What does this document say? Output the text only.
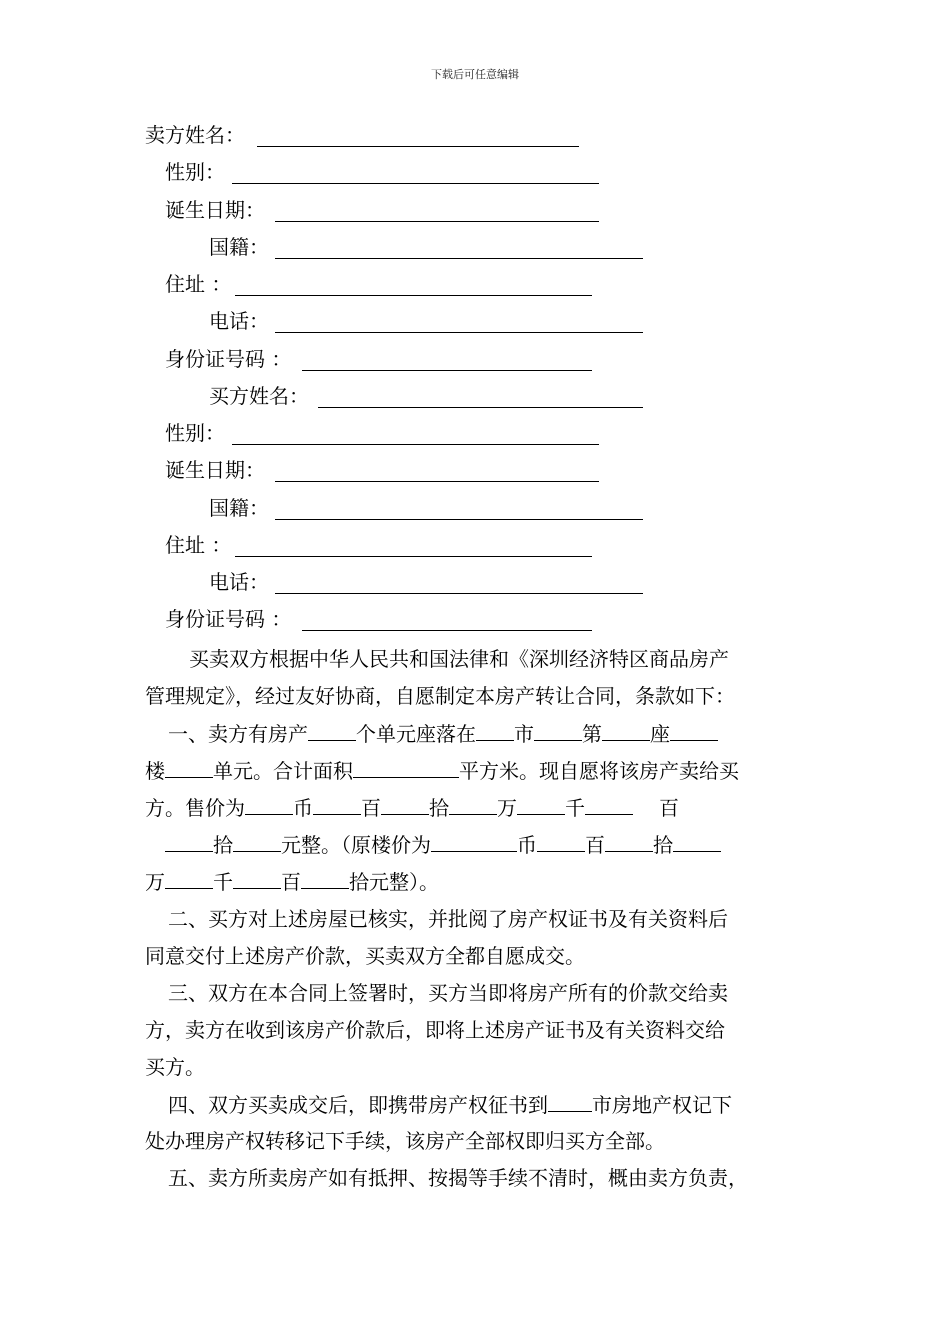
下载后可任意编辑
卖方姓名：
性别：
诞生日期：
国籍：
住址 ：
电话：
身份证号码 ：
买方姓名：
性别：
诞生日期：
国籍：
住址 ：
电话：
身份证号码 ：
买卖双方根据中华人民共和国法律和《深圳经济特区商品房产
管理规定》，经过友好协商，自愿制定本房产转让合同，条款如下：
一、卖方有房产 个单元座落在 市 第 座
楼 单元。合计面积	平方米。现自愿将该房产卖给买
方。售价为 币 百 拾 万 千	百
拾 元整。（原楼价为	币 百 拾
万 千 百 拾元整）。
二、买方对上述房屋已核实，并批阅了房产权证书及有关资料后
同意交付上述房产价款，买卖双方全都自愿成交。
三、双方在本合同上签署时，买方当即将房产所有的价款交给卖
方，卖方在收到该房产价款后，即将上述房产证书及有关资料交给
买方。
四、双方买卖成交后，即携带房产权征书到 市房地产权记下
处办理房产权转移记下手续，该房产全部权即归买方全部。
五、卖方所卖房产如有抵押、按揭等手续不清时，概由卖方负责，
